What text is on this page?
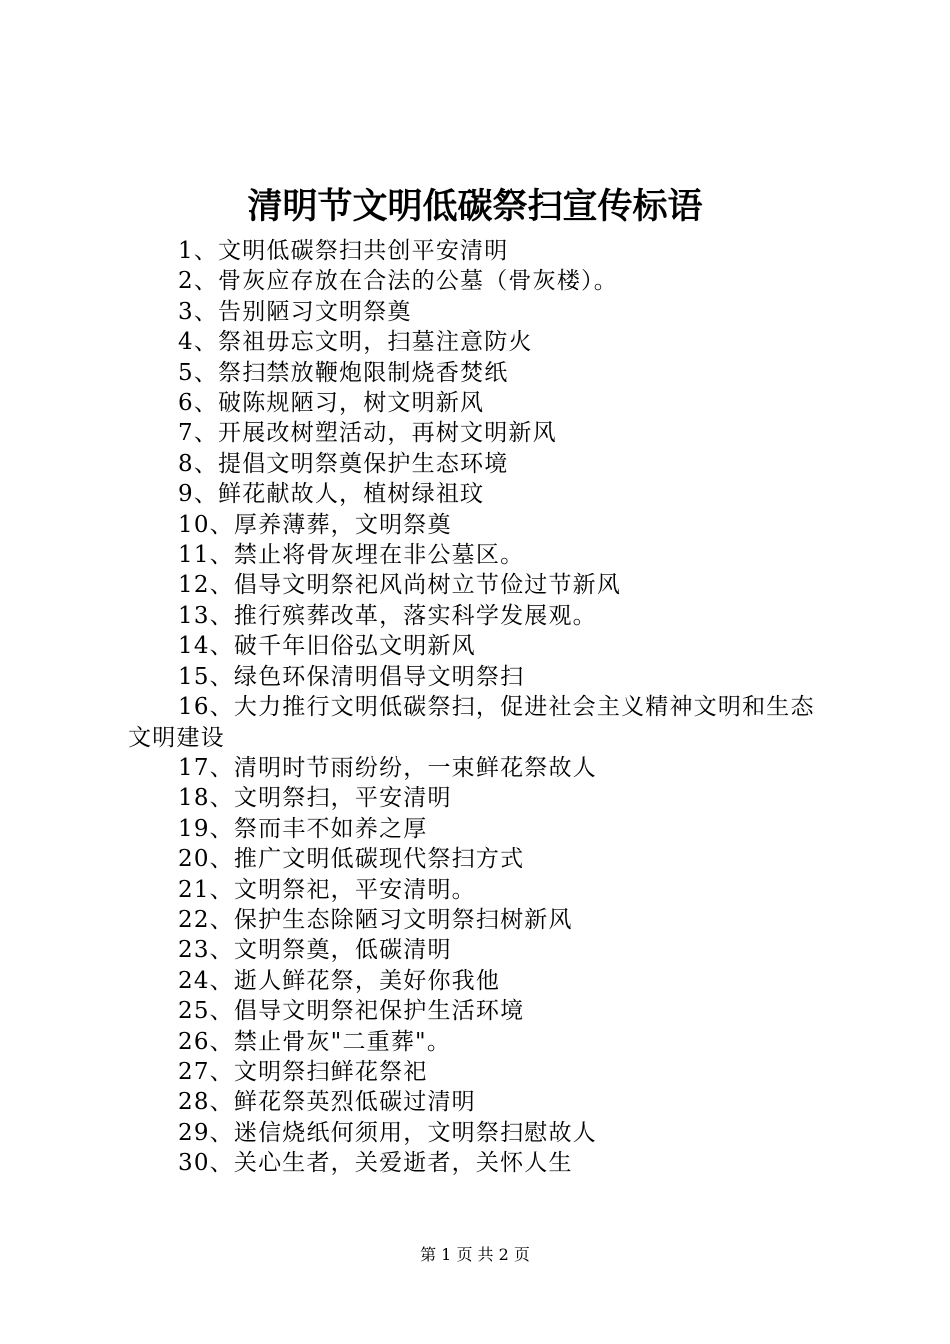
清明节文明低碳祭扫宣传标语
1、文明低碳祭扫共创平安清明
2、骨灰应存放在合法的公墓（骨灰楼）。
3、告别陋习文明祭奠
4、祭祖毋忘文明，扫墓注意防火
5、祭扫禁放鞭炮限制烧香焚纸
6、破陈规陋习，树文明新风
7、开展改树塑活动，再树文明新风
8、提倡文明祭奠保护生态环境
9、鲜花献故人，植树绿祖玟
10、厚养薄葬，文明祭奠
11、禁止将骨灰埋在非公墓区。
12、倡导文明祭祀风尚树立节俭过节新风
13、推行殡葬改革，落实科学发展观。
14、破千年旧俗弘文明新风
15、绿色环保清明倡导文明祭扫
16、大力推行文明低碳祭扫，促进社会主义精神文明和生态文明建设
17、清明时节雨纷纷，一束鲜花祭故人
18、文明祭扫，平安清明
19、祭而丰不如养之厚
20、推广文明低碳现代祭扫方式
21、文明祭祀，平安清明。
22、保护生态除陋习文明祭扫树新风
23、文明祭奠，低碳清明
24、逝人鲜花祭，美好你我他
25、倡导文明祭祀保护生活环境
26、禁止骨灰"二重葬"。
27、文明祭扫鲜花祭祀
28、鲜花祭英烈低碳过清明
29、迷信烧纸何须用，文明祭扫慰故人
30、关心生者，关爱逝者，关怀人生
第 1 页 共 2 页
